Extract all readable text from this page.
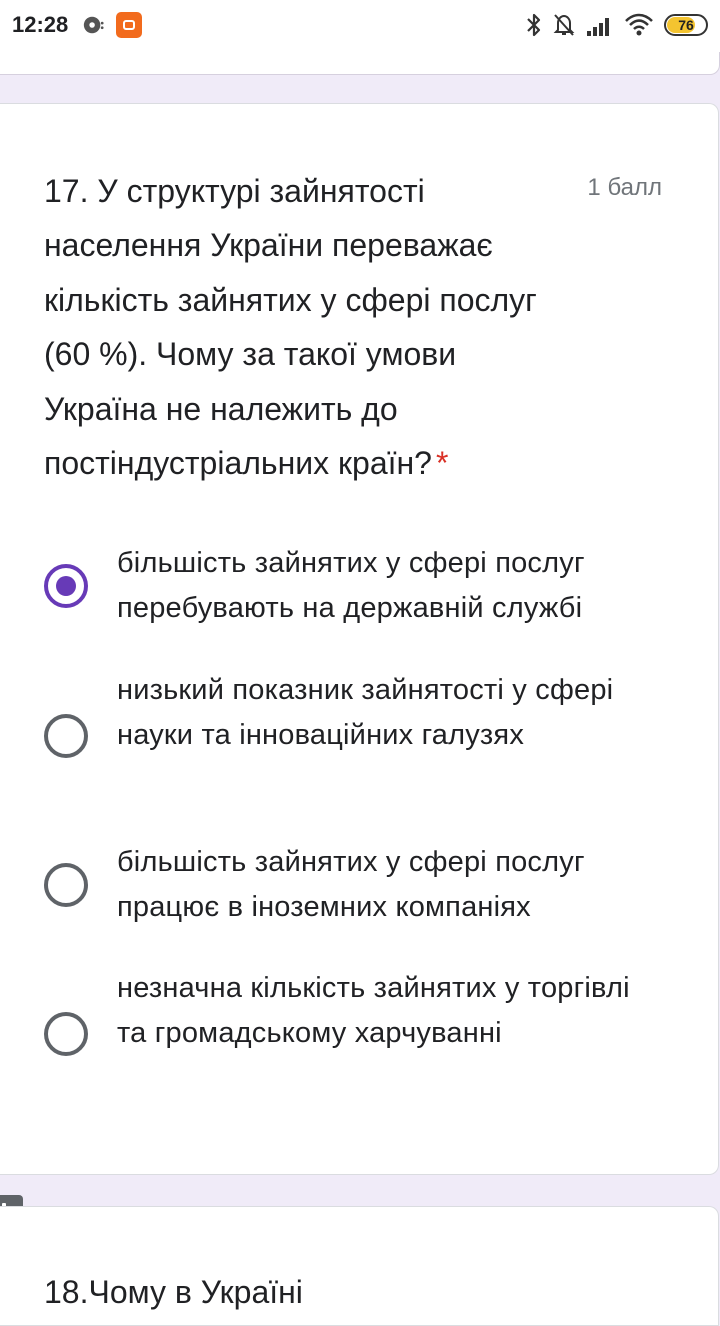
12:28	76
17. У структурі зайнятості населення України переважає кількість зайнятих у сфері послуг (60 %). Чому за такої умови Україна не належить до постіндустріальних країн? *
1 балл
більшість зайнятих у сфері послуг перебувають на державній службі
низький показник зайнятості у сфері науки та інноваційних галузях
більшість зайнятих у сфері послуг працює в іноземних компаніях
незначна кількість зайнятих у торгівлі та громадському харчуванні
18.Чому в Україні
